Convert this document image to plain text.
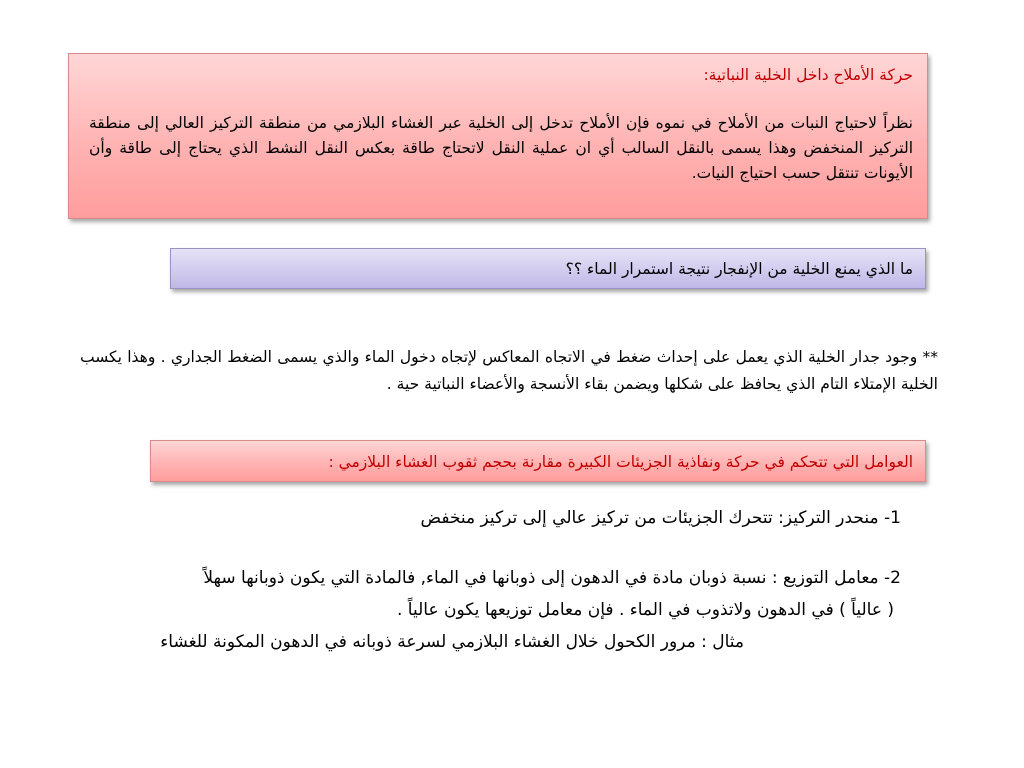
حركة الأملاح داخل الخلية النباتية:

نظراً لاحتياج النبات من الأملاح في نموه فإن الأملاح تدخل إلى الخلية عبر الغشاء البلازمي من منطقة التركيز العالي إلى منطقة التركيز المنخفض وهذا يسمى بالنقل السالب أي ان عملية النقل لاتحتاج طاقة بعكس النقل النشط الذي يحتاج إلى طاقة وأن الأيونات تنتقل حسب احتياج النيات.
ما الذي يمنع الخلية من الإنفجار نتيجة استمرار الماء ؟؟
** وجود جدار الخلية الذي يعمل على إحداث ضغط في الاتجاه المعاكس لإتجاه دخول الماء والذي يسمى الضغط الجداري . وهذا يكسب الخلية الإمتلاء التام الذي يحافظ على شكلها ويضمن بقاء الأنسجة والأعضاء النباتية حية .
العوامل التي تتحكم في حركة ونفاذية الجزيئات الكبيرة مقارنة بحجم ثقوب الغشاء البلازمي :
1- منحدر التركيز: تتحرك الجزيئات من تركيز عالي إلى تركيز منخفض
2- معامل التوزيع : نسبة ذوبان مادة في الدهون إلى ذوبانها في الماء, فالمادة التي يكون ذوبانها سهلاً
( عالياً ) في الدهون ولاتذوب في الماء . فإن معامل توزيعها يكون عالياً .
مثال : مرور الكحول خلال الغشاء البلازمي لسرعة ذوبانه في الدهون المكونة للغشاء
